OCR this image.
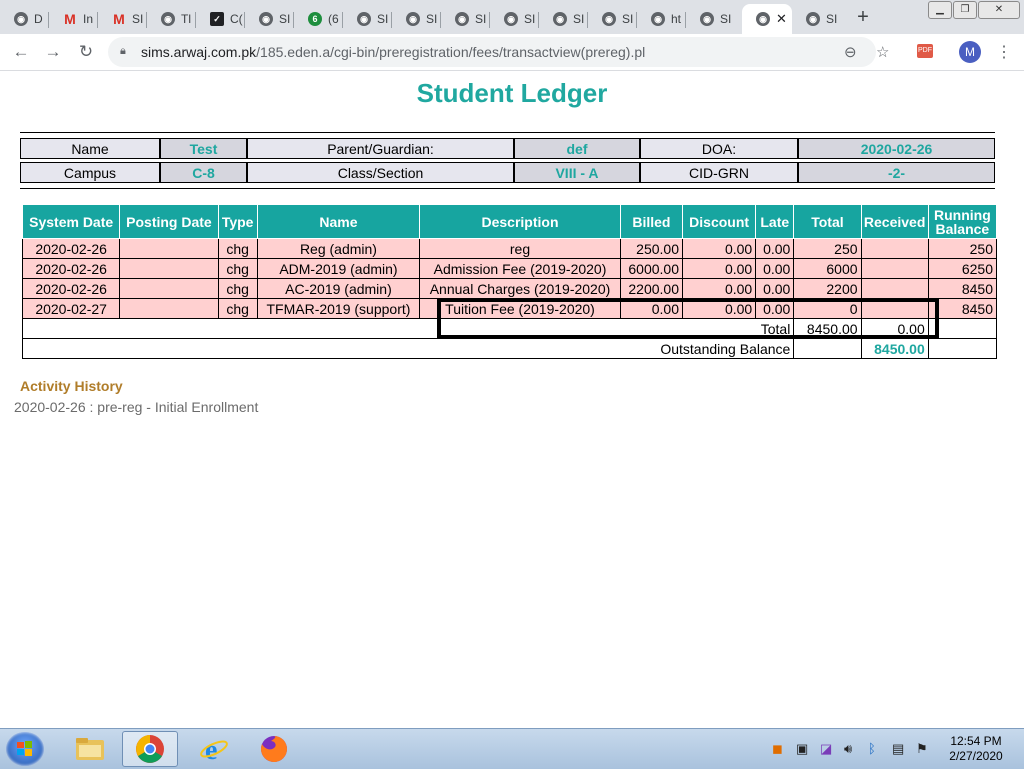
◉ D M In M SI	◉ Tl	✓ C(	◉ SI	6 (6	◉ SI	◉ SI	◉ SI	◉ SI	◉ SI	◉ SI	◉ ht	◉ SI	◉ ✕	◉ SI +	▁	❐	✕
← → ↻	🔒︎ sims.arwaj.com.pk/185.eden.a/cgi-bin/preregistration/fees/transactview(prereg).pl	⊖ ☆	PDF	M	⋮
Student Ledger
Name	Test	Parent/Guardian:	def	DOA:	2020-02-26
Campus	C-8	Class/Section	VIII - A	CID-GRN	-2-
System Date	Posting Date	Type	Name	Description	Billed	Discount	Late	Total	Received	Running
Balance
2020-02-26		chg	Reg (admin)	reg	250.00	0.00	0.00	250		250
2020-02-26		chg	ADM-2019 (admin)	Admission Fee (2019-2020)	6000.00	0.00	0.00	6000		6250
2020-02-26		chg	AC-2019 (admin)	Annual Charges (2019-2020)	2200.00	0.00	0.00	2200		8450
2020-02-27		chg	TFMAR-2019 (support)	Tuition Fee (2019-2020)	0.00	0.00	0.00	0		8450
Total								8450.00	0.00	
Outstanding Balance									8450.00	
Activity History
2020-02-26 : pre-reg - Initial Enrollment
e	◼ ▣ ◪ 🔊︎ ᛒ ▤ ⚑	12:54 PM
2/27/2020
